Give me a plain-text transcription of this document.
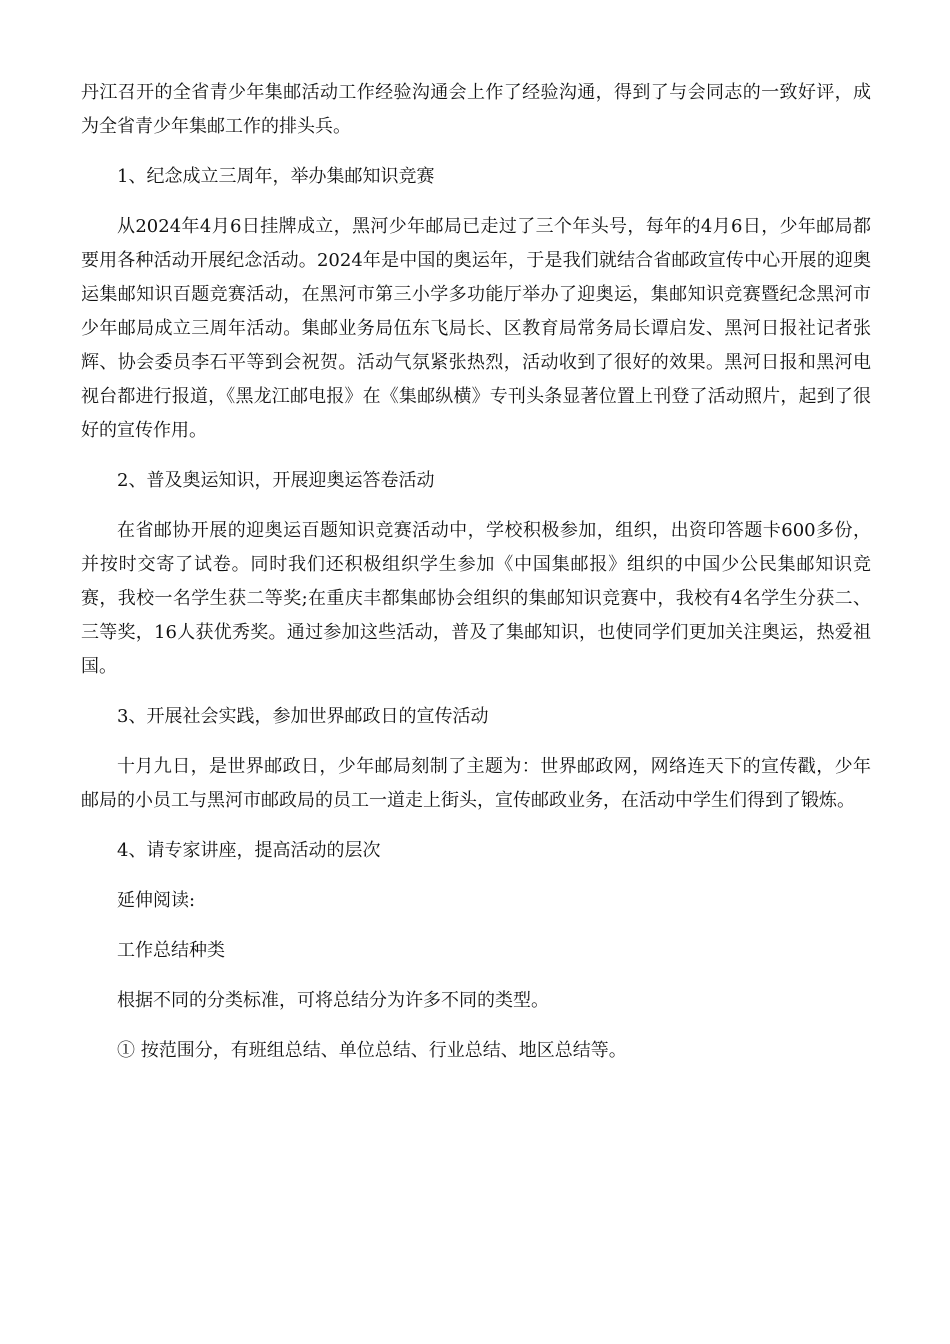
丹江召开的全省青少年集邮活动工作经验沟通会上作了经验沟通，得到了与会同志的一致好评，成为全省青少年集邮工作的排头兵。

1、纪念成立三周年，举办集邮知识竞赛

从2024年4月6日挂牌成立，黑河少年邮局已走过了三个年头号，每年的4月6日，少年邮局都要用各种活动开展纪念活动。2024年是中国的奥运年，于是我们就结合省邮政宣传中心开展的迎奥运集邮知识百题竞赛活动，在黑河市第三小学多功能厅举办了迎奥运，集邮知识竞赛暨纪念黑河市少年邮局成立三周年活动。集邮业务局伍东飞局长、区教育局常务局长谭启发、黑河日报社记者张辉、协会委员李石平等到会祝贺。活动气氛紧张热烈，活动收到了很好的效果。黑河日报和黑河电视台都进行报道，《黑龙江邮电报》在《集邮纵横》专刊头条显著位置上刊登了活动照片，起到了很好的宣传作用。

2、普及奥运知识，开展迎奥运答卷活动

在省邮协开展的迎奥运百题知识竞赛活动中，学校积极参加，组织，出资印答题卡600多份，并按时交寄了试卷。同时我们还积极组织学生参加《中国集邮报》组织的中国少公民集邮知识竞赛，我校一名学生获二等奖;在重庆丰都集邮协会组织的集邮知识竞赛中，我校有4名学生分获二、三等奖，16人获优秀奖。通过参加这些活动，普及了集邮知识，也使同学们更加关注奥运，热爱祖国。

3、开展社会实践，参加世界邮政日的宣传活动

十月九日，是世界邮政日，少年邮局刻制了主题为：世界邮政网，网络连天下的宣传戳，少年邮局的小员工与黑河市邮政局的员工一道走上街头，宣传邮政业务，在活动中学生们得到了锻炼。

4、请专家讲座，提高活动的层次

延伸阅读:

工作总结种类

根据不同的分类标准，可将总结分为许多不同的类型。

① 按范围分，有班组总结、单位总结、行业总结、地区总结等。
